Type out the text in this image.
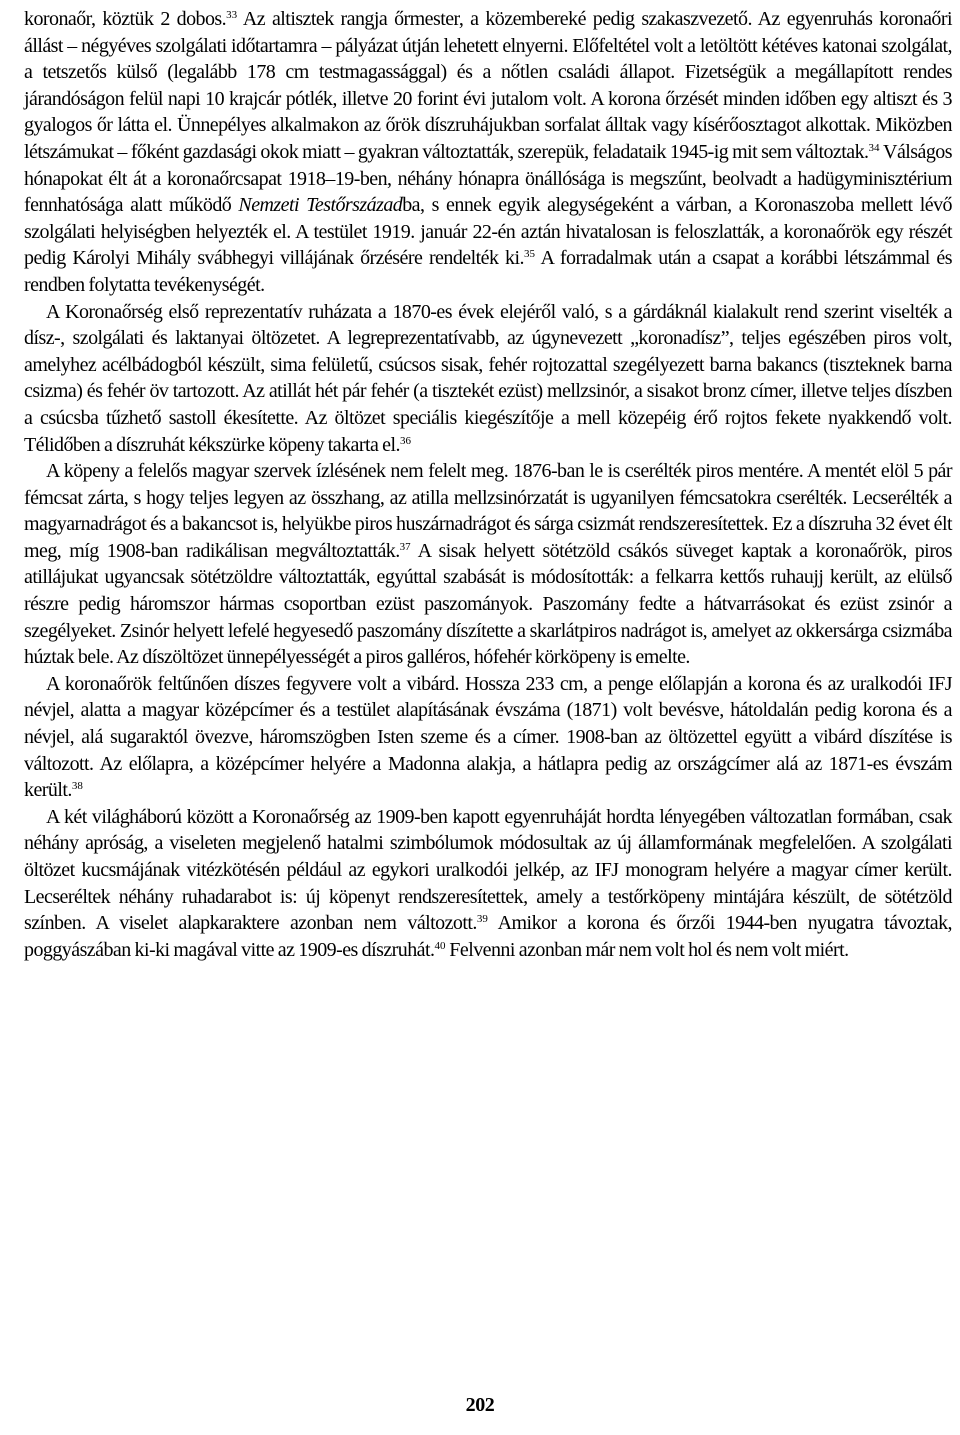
koronaőr, köztük 2 dobos.$^{33}$ Az altisztek rangja őrmester, a közembereké pedig szakaszvezető. Az egyenruhás koronaőri állást – négyéves szolgálati időtartamra – pályázat útján lehetett elnyerni. Előfeltétel volt a letöltött kétéves katonai szolgálat, a tetszetős külső (legalább 178 cm testmagassággal) és a nőtlen családi állapot. Fizetségük a megállapított rendes járandóságon felül napi 10 krajcár pótlék, illetve 20 forint évi jutalom volt. A korona őrzését minden időben egy altiszt és 3 gyalogos őr látta el. Ünnepélyes alkalmakon az őrök díszruhájukban sorfalat álltak vagy kísérőosztagot alkottak. Miközben létszámukat – főként gazdasági okok miatt – gyakran változtatták, szerepük, feladataik 1945-ig mit sem változtak.$^{34}$ Válságos hónapokat élt át a koronaőrcsapat 1918–19-ben, néhány hónapra önállósága is megszűnt, beolvadt a hadügyminisztérium fennhatósága alatt működő Nemzeti Testőrszázadba, s ennek egyik alegységeként a várban, a Koronaszoba mellett lévő szolgálati helyiségben helyezték el. A testület 1919. január 22-én aztán hivatalosan is feloszlatták, a koronaőrök egy részét pedig Károlyi Mihály svábhegyi villájának őrzésére rendelték ki.$^{35}$ A forradalmak után a csapat a korábbi létszámmal és rendben folytatta tevékenységét.

A Koronaőrség első reprezentatív ruházata a 1870-es évek elejéről való, s a gárdáknál kialakult rend szerint viselték a dísz-, szolgálati és laktanyai öltözetet. A legreprezentatívabb, az úgynevezett „koronadísz”, teljes egészében piros volt, amelyhez acélbádogból készült, sima felületű, csúcsos sisak, fehér rojtozattal szegélyezett barna bakancs (tiszteknek barna csizma) és fehér öv tartozott. Az atillát hét pár fehér (a tisztekét ezüst) mellzsinór, a sisakot bronz címer, illetve teljes díszben a csúcsba tűzhető sastoll ékesítette. Az öltözet speciális kiegészítője a mell közepéig érő rojtos fekete nyakkendő volt. Télidőben a díszruhát kékszürke köpeny takarta el.$^{36}$

A köpeny a felelős magyar szervek ízlésének nem felelt meg. 1876-ban le is cserélték piros mentére. A mentét elöl 5 pár fémcsat zárta, s hogy teljes legyen az összhang, az atilla mellzsinórzatát is ugyanilyen fémcsatokra cserélték. Lecserélték a magyarnadrágot és a bakancsot is, helyükbe piros huszárnadrágot és sárga csizmát rendszeresítettek. Ez a díszruha 32 évet élt meg, míg 1908-ban radikálisan megváltoztatták.$^{37}$ A sisak helyett sötétzöld csákós süveget kaptak a koronaőrök, piros atillájukat ugyancsak sötétzöldre változtatták, egyúttal szabását is módosították: a felkarra kettős ruhaujj került, az elülső részre pedig háromszor hármas csoportban ezüst paszományok. Paszomány fedte a hátvarrásokat és ezüst zsinór a szegélyeket. Zsinór helyett lefelé hegyesedő paszomány díszítette a skarlátpiros nadrágot is, amelyet az okkersárga csizmába húztak bele. Az díszöltözet ünnepélyességét a piros galléros, hófehér körköpeny is emelte.

A koronaőrök feltűnően díszes fegyvere volt a vibárd. Hossza 233 cm, a penge előlapján a korona és az uralkodói IFJ névjel, alatta a magyar középcímer és a testület alapításának évszáma (1871) volt bevésve, hátoldalán pedig korona és a névjel, alá sugaraktól övezve, háromszögben Isten szeme és a címer. 1908-ban az öltözettel együtt a vibárd díszítése is változott. Az előlapra, a középcímer helyére a Madonna alakja, a hátlapra pedig az országcímer alá az 1871-es évszám került.$^{38}$

A két világháború között a Koronaőrség az 1909-ben kapott egyenruháját hordta lényegében változatlan formában, csak néhány apróság, a viseleten megjelenő hatalmi szimbólumok módosultak az új államformának megfelelően. A szolgálati öltözet kucsmájának vitézkötésén például az egykori uralkodói jelkép, az IFJ monogram helyére a magyar címer került. Lecseréltek néhány ruhadarabot is: új köpenyt rendszeresítettek, amely a testőrköpeny mintájára készült, de sötétzöld színben. A viselet alapkaraktere azonban nem változott.$^{39}$ Amikor a korona és őrzői 1944-ben nyugatra távoztak, poggyászában ki-ki magával vitte az 1909-es díszruhát.$^{40}$ Felvenni azonban már nem volt hol és nem volt miért.

202
